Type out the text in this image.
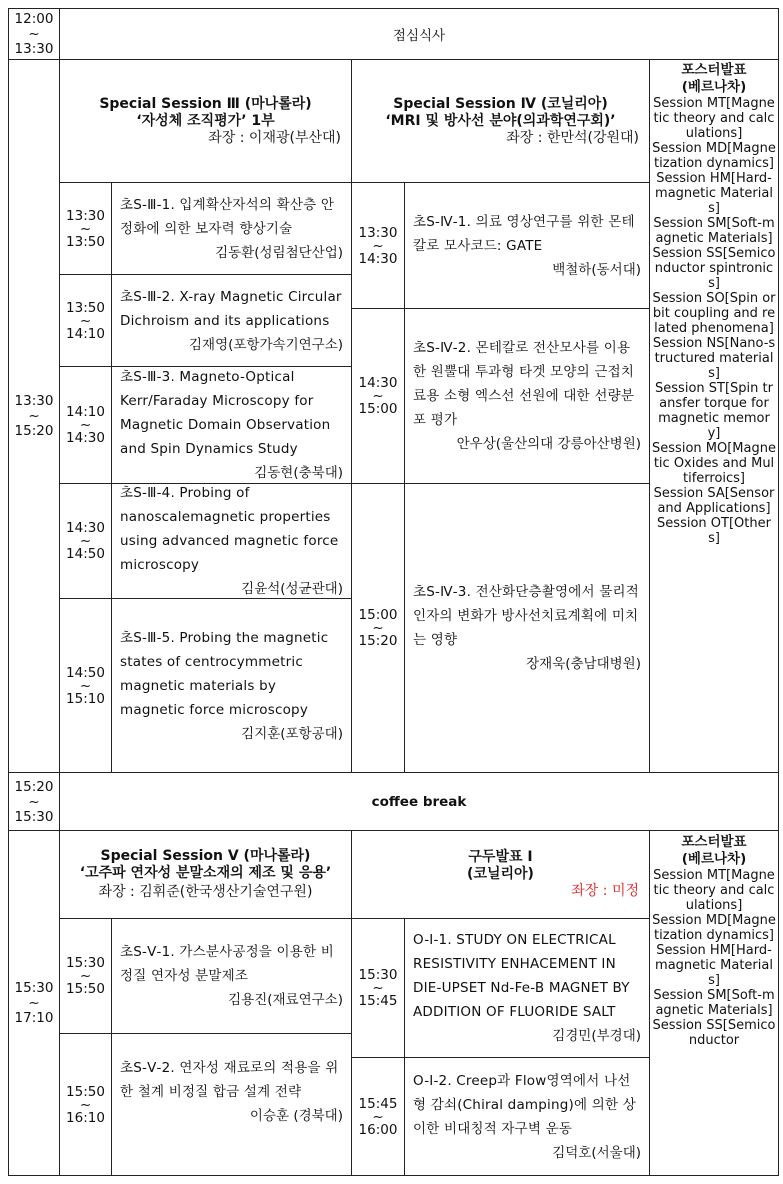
12:00
~
13:30
점심식사
13:30
~
15:20
Special Session Ⅲ (마나롤라)
‘자성체 조직평가’ 1부
좌장 : 이재광(부산대)
Special Session Ⅳ (코닐리아)
‘MRI 및 방사선 분야(의과학연구회)’
좌장 : 한만석(강원대)
13:30
~
13:50
초S-Ⅲ-1. 입계확산자석의 확산층 안정화에 의한 보자력 향상기술
김동환(성림첨단산업)
13:50
~
14:10
초S-Ⅲ-2. X-ray Magnetic Circular Dichroism and its applications
김재영(포항가속기연구소)
14:10
~
14:30
초S-Ⅲ-3. Magneto-Optical Kerr/Faraday Microscopy for Magnetic Domain Observation and Spin Dynamics Study
김동현(충북대)
14:30
~
14:50
초S-Ⅲ-4. Probing of nanoscalemagnetic properties using advanced magnetic force microscopy
김윤석(성균관대)
14:50
~
15:10
초S-Ⅲ-5. Probing the magnetic states of centrocymmetric magnetic materials by magnetic force microscopy
김지훈(포항공대)
13:30
~
14:30
초S-Ⅳ-1. 의료 영상연구를 위한 몬테칼로 모사코드: GATE
백철하(동서대)
14:30
~
15:00
초S-Ⅳ-2. 몬테칼로 전산모사를 이용한 원뿔대 투과형 타겟 모양의 근접치료용 소형 엑스선 선원에 대한 선량분포 평가
안우상(울산의대 강릉아산병원)
15:00
~
15:20
초S-Ⅳ-3. 전산화단층촬영에서 물리적인자의 변화가 방사선치료계획에 미치는 영향
장재욱(충남대병원)
포스터발표
(베르나차)
Session MT[Magnetic theory and calculations]
Session MD[Magnetization dynamics]
Session HM[Hard-magnetic Materials]
Session SM[Soft-magnetic Materials]
Session SS[Semiconductor spintronics]
Session SO[Spin orbit coupling and related phenomena]
Session NS[Nano-structured materials]
Session ST[Spin transfer torque for magnetic memory]
Session MO[Magnetic Oxides and Multiferroics]
Session SA[Sensor and Applications]
Session OT[Others]
15:20
~
15:30
coffee break
15:30
~
17:10
Special Session Ⅴ (마나롤라)
‘고주파 연자성 분말소재의 제조 및 응용’
좌장 : 김휘준(한국생산기술연구원)
구두발표 Ⅰ
(코닐리아)
좌장 : 미정
15:30
~
15:50
초S-Ⅴ-1. 가스분사공정을 이용한 비정질 연자성 분말제조
김용진(재료연구소)
15:50
~
16:10
초S-Ⅴ-2. 연자성 재료로의 적용을 위한 철계 비정질 합금 설계 전략
이승훈 (경북대)
15:30
~
15:45
O-I-1. STUDY ON ELECTRICAL RESISTIVITY ENHACEMENT IN DIE-UPSET Nd-Fe-B MAGNET BY ADDITION OF FLUORIDE SALT
김경민(부경대)
15:45
~
16:00
O-I-2. Creep과 Flow영역에서 나선형 감쇠(Chiral damping)에 의한 상이한 비대칭적 자구벽 운동
김덕호(서울대)
포스터발표
(베르나차)
Session MT[Magnetic theory and calculations]
Session MD[Magnetization dynamics]
Session HM[Hard-magnetic Materials]
Session SM[Soft-magnetic Materials]
Session SS[Semiconductor
